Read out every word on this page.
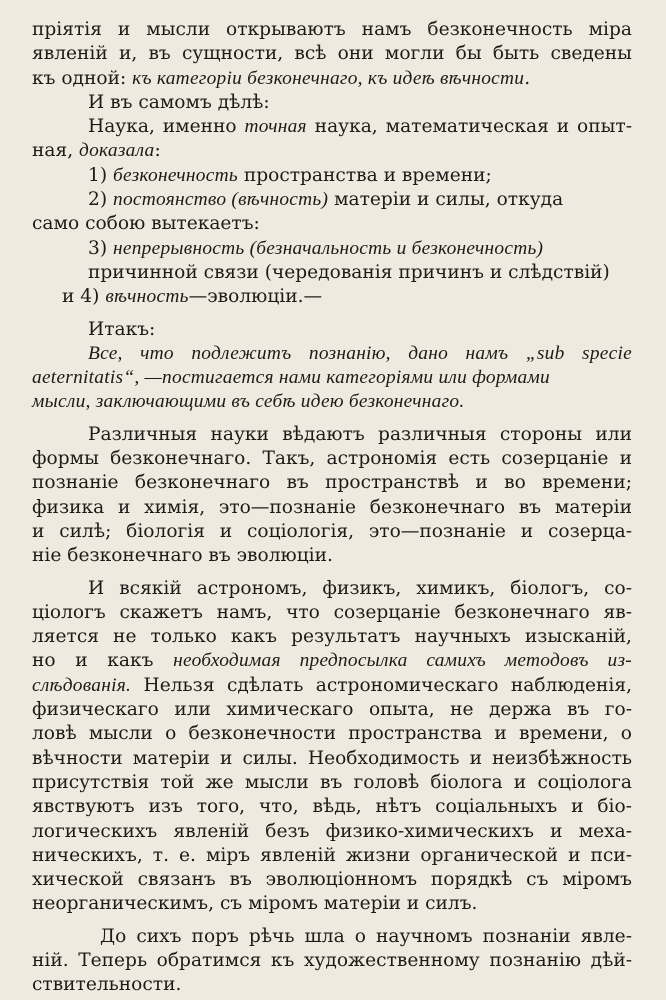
пріятія и мысли открываютъ намъ безконечность міра
явленій и, въ сущности, всѣ они могли бы быть сведены
къ одной: къ категоріи безконечнаго, къ идеѣ вѣчности .
И въ самомъ дѣлѣ:
Наука, именно точная наука, математическая и опыт-
ная, доказала :
1) безконечность пространства и времени;
2) постоянство (вѣчность) матеріи и силы, откуда
само собою вытекаетъ:
3) непрерывность (безначальность и безконечность)
причинной связи (чередованія причинъ и слѣдствій)
и 4) вѣчность —эволюціи.—
Итакъ:
Все, что подлежитъ познанію, дано намъ „sub specie
aeternitatis“, —постигается нами категоріями или формами
мысли, заключающими въ себѣ идею безконечнаго.
Различныя науки вѣдаютъ различныя стороны или
формы безконечнаго. Такъ, астрономія есть созерцаніе и
познаніе безконечнаго въ пространствѣ и во времени;
физика и химія, это—познаніе безконечнаго въ матеріи
и силѣ; біологія и соціологія, это—познаніе и созерца-
ніе безконечнаго въ эволюціи.
И всякій астрономъ, физикъ, химикъ, біологъ, со-
ціологъ скажетъ намъ, что созерцаніе безконечнаго яв-
ляется не только какъ результатъ научныхъ изысканій,
но и какъ необходимая предпосылка самихъ методовъ из-
слѣдованія. Нельзя сдѣлать астрономическаго наблюденія,
физическаго или химическаго опыта, не держа въ го-
ловѣ мысли о безконечности пространства и времени, о
вѣчности матеріи и силы. Необходимость и неизбѣжность
присутствія той же мысли въ головѣ біолога и соціолога
явствуютъ изъ того, что, вѣдь, нѣтъ соціальныхъ и біо-
логическихъ явленій безъ физико-химическихъ и меха-
ническихъ, т. е. міръ явленій жизни органической и пси-
хической связанъ въ эволюціонномъ порядкѣ съ міромъ
неорганическимъ, съ міромъ матеріи и силъ.
До сихъ поръ рѣчь шла о научномъ познаніи явле-
ній. Теперь обратимся къ художественному познанію дѣй-
ствительности.
